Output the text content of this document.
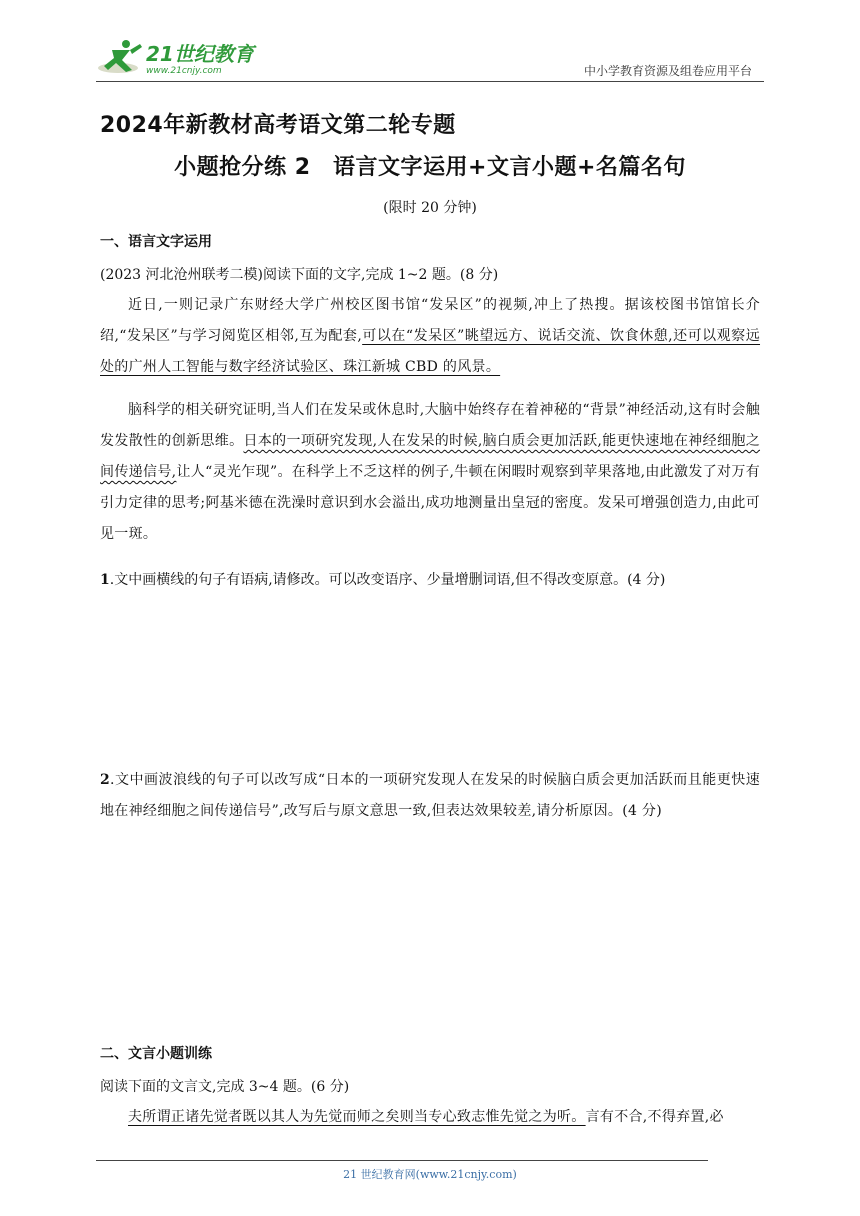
21世纪教育
www.21cnjy.com	中小学教育资源及组卷应用平台
2024年新教材高考语文第二轮专题
小题抢分练 2　语言文字运用+文言小题+名篇名句
(限时 20 分钟)
一、语言文字运用
(2023 河北沧州联考二模)阅读下面的文字,完成 1~2 题。(8 分)

近日,一则记录广东财经大学广州校区图书馆“发呆区”的视频,冲上了热搜。据该校图书馆馆长介绍,“发呆区”与学习阅览区相邻,互为配套,可以在“发呆区”眺望远方、说话交流、饮食休憩,还可以观察远处的广州人工智能与数字经济试验区、珠江新城 CBD 的风景。

脑科学的相关研究证明,当人们在发呆或休息时,大脑中始终存在着神秘的“背景”神经活动,这有时会触发发散性的创新思维。日本的一项研究发现,人在发呆的时候,脑白质会更加活跃,能更快速地在神经细胞之间传递信号,让人“灵光乍现”。在科学上不乏这样的例子,牛顿在闲暇时观察到苹果落地,由此激发了对万有引力定律的思考;阿基米德在洗澡时意识到水会溢出,成功地测量出皇冠的密度。发呆可增强创造力,由此可见一斑。

1.文中画横线的句子有语病,请修改。可以改变语序、少量增删词语,但不得改变原意。(4 分)
2.文中画波浪线的句子可以改写成“日本的一项研究发现人在发呆的时候脑白质会更加活跃而且能更快速地在神经细胞之间传递信号”,改写后与原文意思一致,但表达效果较差,请分析原因。(4 分)
二、文言小题训练
阅读下面的文言文,完成 3~4 题。(6 分)

夫所谓正诸先觉者既以其人为先觉而师之矣则当专心致志惟先觉之为听。言有不合,不得弃置,必

21 世纪教育网(www.21cnjy.com)
